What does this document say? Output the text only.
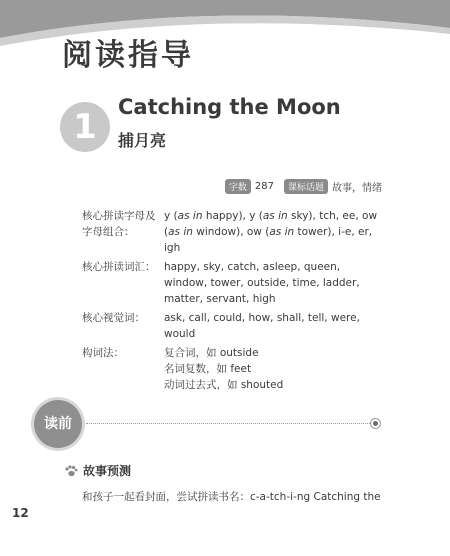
阅读指导
1	Catching the Moon
捕月亮
字数 287	课标话题 故事，情绪
核心拼读字母及字母组合：
y (as in happy), y (as in sky), tch, ee, ow (as in window), ow (as in tower), i-e, er, igh
核心拼读词汇： happy, sky, catch, asleep, queen, window, tower, outside, time, ladder, matter, servant, high
核心视觉词：	ask, call, could, how, shall, tell, were, would
构词法：	复合词，如 outside
名词复数，如 feet
动词过去式，如 shouted
读前
故事预测
和孩子一起看封面，尝试拼读书名：c-a-tch-i-ng Catching the
12
